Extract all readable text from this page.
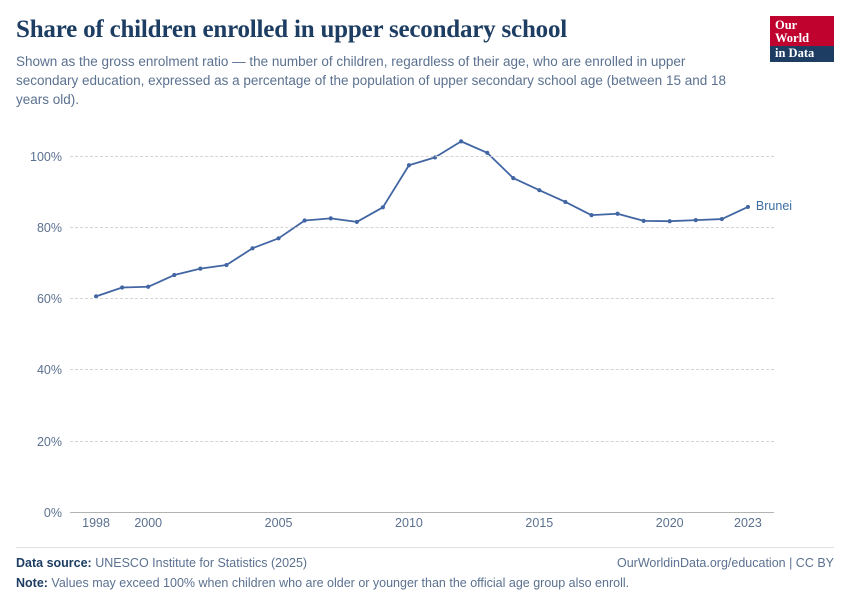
Share of children enrolled in upper secondary school

Shown as the gross enrolment ratio — the number of children, regardless of their age, who are enrolled in upper secondary education, expressed as a percentage of the population of upper secondary school age (between 15 and 18 years old).

Our World
in Data
0%
20%
40%
60%
80%
100%
Brunei
1998 2000	2005	2010	2015	2020	2023
Data source: UNESCO Institute for Statistics (2025)	OurWorldinData.org/education | CC BY
Note: Values may exceed 100% when children who are older or younger than the official age group also enroll.
